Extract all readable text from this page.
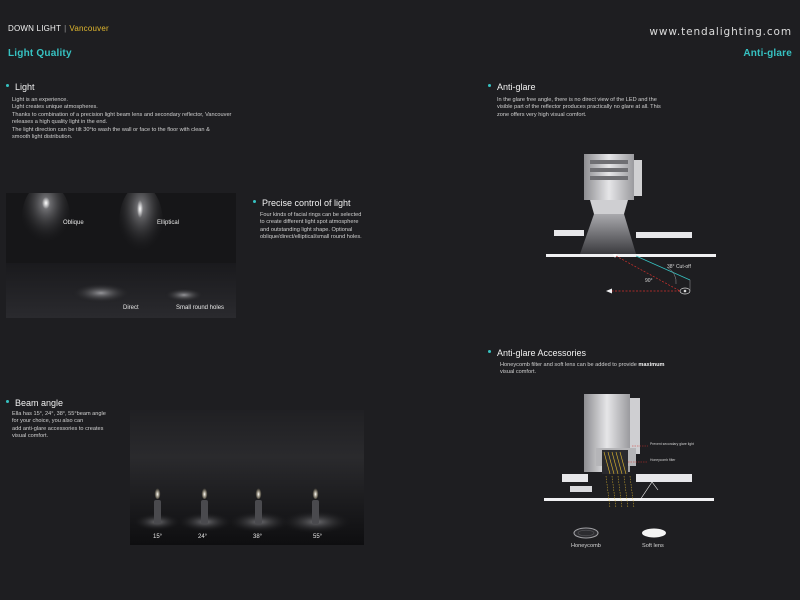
DOWN LIGHT | Vancouver	www.tendalighting.com
Light Quality	Anti-glare
Light
Light is an experience.
Light creates unique atmospheres.
Thanks to combination of a precision light beam lens and secondary reflector, Vancouver
releases a high quality light in the end.
The light direction can be tilt 30°to wash the wall or face to the floor with clean &
smooth light distribution.
Oblique	Elliptical
Direct	Small round holes
Precise control of light
Four kinds of facial rings can be selected
to create different light spot atmosphere
and outstanding light shape. Optional
oblique/direct/elliptical/small round holes.
Beam angle
Ella has 15°, 24°, 38°, 55°beam angle
for your choice, you also can
add anti-glare accessories to creates
visual comfort.
15°	24°	38°	55°
Anti-glare
In the glare free angle, there is no direct view of the LED and the
visible part of the reflector produces practically no glare at all. This
zone offers very high visual comfort.
38° Cut-off
90°
Anti-glare Accessories
Honeycomb filter and soft lens can be added to provide maximum
visual comfort.
Prevent secondary glare light
Honeycomb filter
Honeycomb	Soft lens
